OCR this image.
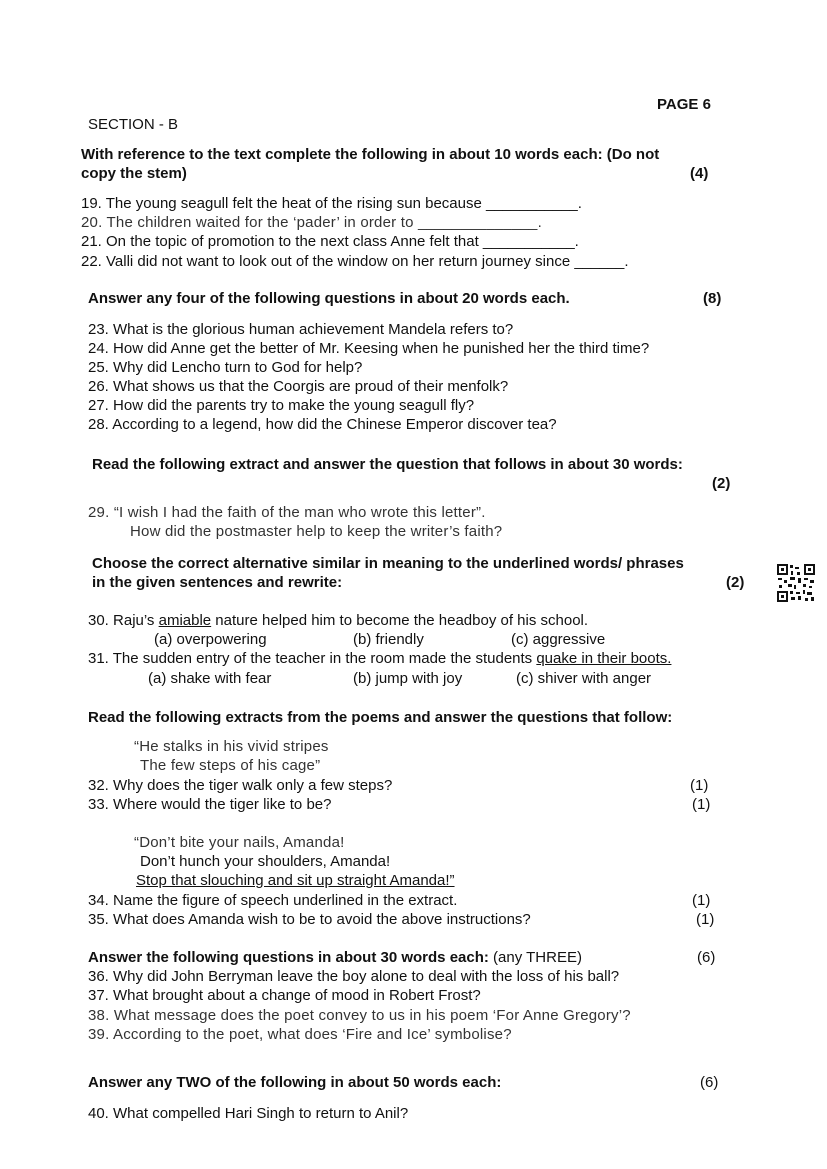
PAGE 6
SECTION - B
With reference to the text complete the following in about 10 words each: (Do not
copy the stem)	(4)
19. The young seagull felt the heat of the rising sun because ___________.
20. The children waited for the ‘pader’ in order to ______________.
21. On the topic of promotion to the next class Anne felt that ___________.
22. Valli did not want to look out of the window on her return journey since ______.
Answer any four of the following questions in about 20 words each.	(8)
23. What is the glorious human achievement Mandela refers to?
24. How did Anne get the better of Mr. Keesing when he punished her the third time?
25. Why did Lencho turn to God for help?
26. What shows us that the Coorgis are proud of their menfolk?
27. How did the parents try to make the young seagull fly?
28. According to a legend, how did the Chinese Emperor discover tea?
Read the following extract and answer the question that follows in about 30 words:
(2)
29. “I wish I had the faith of the man who wrote this letter”.
How did the postmaster help to keep the writer’s faith?
Choose the correct alternative similar in meaning to the underlined words/ phrases
in the given sentences and rewrite:	(2)
30. Raju’s amiable nature helped him to become the headboy of his school.
(a) overpowering	(b) friendly	(c) aggressive
31. The sudden entry of the teacher in the room made the students quake in their boots.
(a) shake with fear	(b) jump with joy	(c) shiver with anger
Read the following extracts from the poems and answer the questions that follow:
“He stalks in his vivid stripes
The few steps of his cage”
32. Why does the tiger walk only a few steps?	(1)
33. Where would the tiger like to be?	(1)
“Don’t bite your nails, Amanda!
Don’t hunch your shoulders, Amanda!
Stop that slouching and sit up straight Amanda!”
34. Name the figure of speech underlined in the extract.	(1)
35. What does Amanda wish to be to avoid the above instructions?	(1)
Answer the following questions in about 30 words each: (any THREE)	(6)
36. Why did John Berryman leave the boy alone to deal with the loss of his ball?
37. What brought about a change of mood in Robert Frost?
38. What message does the poet convey to us in his poem ‘For Anne Gregory’?
39. According to the poet, what does ‘Fire and Ice’ symbolise?
Answer any TWO of the following in about 50 words each:	(6)
40. What compelled Hari Singh to return to Anil?
